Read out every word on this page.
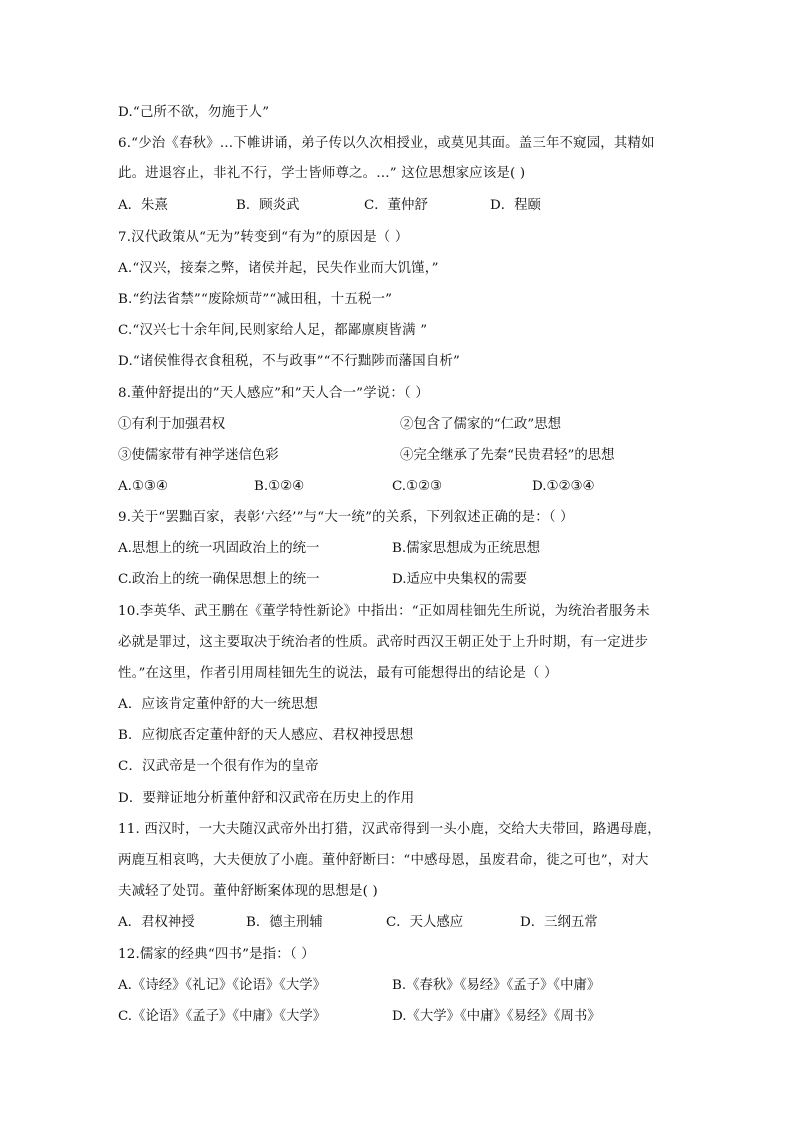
D.“己所不欲，勿施于人”
6.“少治《春秋》…下帷讲诵，弟子传以久次相授业，或莫见其面。盖三年不窥园，其精如
此。进退容止，非礼不行，学士皆师尊之。…” 这位思想家应该是( )
A．朱熹	B．顾炎武	C．董仲舒	D．程颐
7.汉代政策从“无为”转变到“有为”的原因是（ ）
A.“汉兴，接秦之弊，诸侯并起，民失作业而大饥馑，”
B.“约法省禁”“废除烦苛”“减田租，十五税一”
C.“汉兴七十余年间,民则家给人足，都鄙廪庾皆满 ”
D.“诸侯惟得衣食租税，不与政事”“不行黜陟而藩国自析”
8.董仲舒提出的”天人感应”和”天人合一”学说：（ ）
①有利于加强君权	②包含了儒家的“仁政”思想
③使儒家带有神学迷信色彩	④完全继承了先秦“民贵君轻”的思想
A.①③④	B.①②④	C.①②③	D.①②③④
9.关于“罢黜百家，表彰‘六经’”与“大一统”的关系，下列叙述正确的是：（ ）
A.思想上的统一巩固政治上的统一	B.儒家思想成为正统思想
C.政治上的统一确保思想上的统一	D.适应中央集权的需要
10.李英华、武王鹏在《董学特性新论》中指出：“正如周桂钿先生所说，为统治者服务未
必就是罪过，这主要取决于统治者的性质。武帝时西汉王朝正处于上升时期，有一定进步
性。”在这里，作者引用周桂钿先生的说法，最有可能想得出的结论是（ ）
A．应该肯定董仲舒的大一统思想
B．应彻底否定董仲舒的天人感应、君权神授思想
C．汉武帝是一个很有作为的皇帝
D．要辩证地分析董仲舒和汉武帝在历史上的作用
11. 西汉时，一大夫随汉武帝外出打猎，汉武帝得到一头小鹿，交给大夫带回，路遇母鹿，
两鹿互相哀鸣，大夫便放了小鹿。董仲舒断曰：“中感母恩，虽废君命，徙之可也”，对大
夫减轻了处罚。董仲舒断案体现的思想是( )
A．君权神授	B．德主刑辅	C．天人感应	D．三纲五常
12.儒家的经典“四书”是指：（ ）
A.《诗经》《礼记》《论语》《大学》	B.《春秋》《易经》《孟子》《中庸》
C.《论语》《孟子》《中庸》《大学》	D.《大学》《中庸》《易经》《周书》
